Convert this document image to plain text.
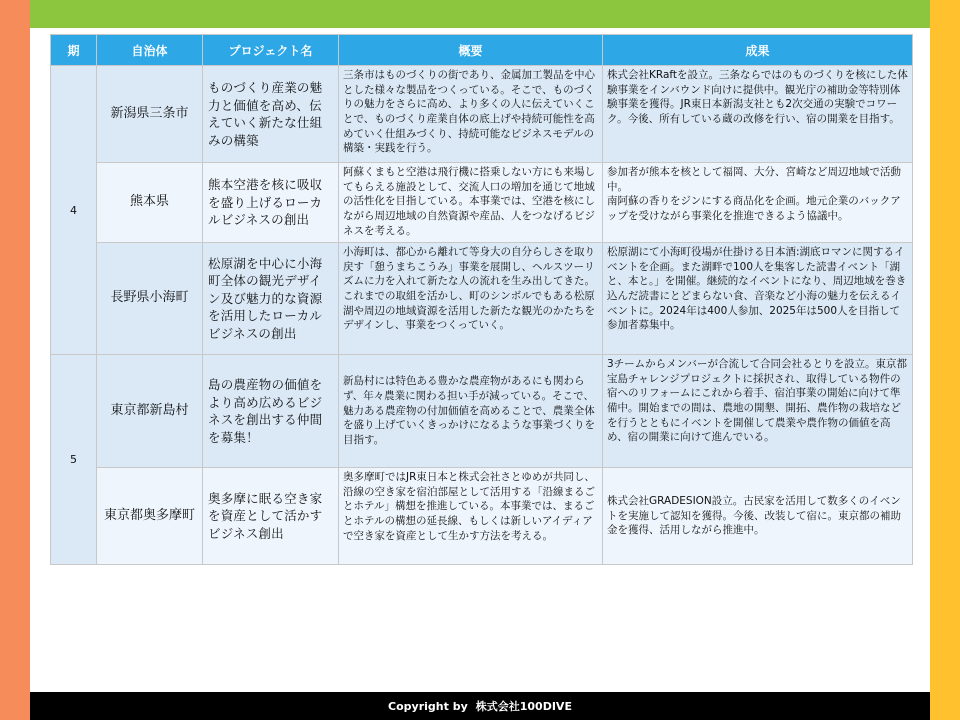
期	自治体	プロジェクト名	概要	成果
4	新潟県三条市	ものづくり産業の魅力と価値を高め、伝えていく新たな仕組みの構築	三条市はものづくりの街であり、金属加工製品を中心とした様々な製品をつくっている。そこで、ものづくりの魅力をさらに高め、より多くの人に伝えていくことで、ものづくり産業自体の底上げや持続可能性を高めていく仕組みづくり、持続可能なビジネスモデルの構築・実践を行う。	株式会社KRaftを設立。三条ならではのものづくりを核にした体験事業をインバウンド向けに提供中。観光庁の補助金等特別体験事業を獲得。JR東日本新潟支社とも2次交通の実験でコワーク。今後、所有している蔵の改修を行い、宿の開業を目指す。
	熊本県	熊本空港を核に吸収を盛り上げるローカルビジネスの創出	阿蘇くまもと空港は飛行機に搭乗しない方にも来場してもらえる施設として、交流人口の増加を通じて地域の活性化を目指している。本事業では、空港を核にしながら周辺地域の自然資源や産品、人をつなげるビジネスを考える。	参加者が熊本を核として福岡、大分、宮崎など周辺地域で活動中。
南阿蘇の香りをジンにする商品化を企画。地元企業のバックアップを受けながら事業化を推進できるよう協議中。

	長野県小海町	松原湖を中心に小海町全体の観光デザイン及び魅力的な資源を活用したローカルビジネスの創出	小海町は、都心から離れて等身大の自分らしさを取り戻す「憩うまちこうみ」事業を展開し、ヘルスツーリズムに力を入れて新たな人の流れを生み出してきた。これまでの取組を活かし、町のシンボルでもある松原湖や周辺の地域資源を活用した新たな観光のかたちをデザインし、事業をつくっていく。	松原湖にて小海町役場が仕掛ける日本酒:湖底ロマンに関するイベントを企画。また湖畔で100人を集客した読書イベント「湖と、本と。」を開催。継続的なイベントになり、周辺地域を巻き込んだ読書にとどまらない食、音楽など小海の魅力を伝えるイベントに。2024年は400人参加、2025年は500人を目指して参加者募集中。
5	東京都新島村	島の農産物の価値をより高め広めるビジネスを創出する仲間を募集！	新島村には特色ある豊かな農産物があるにも関わらず、年々農業に関わる担い手が減っている。そこで、魅力ある農産物の付加価値を高めることで、農業全体を盛り上げていくきっかけになるような事業づくりを目指す。	3チームからメンバーが合流して合同会社るとりを設立。東京都宝島チャレンジプロジェクトに採択され、取得している物件の宿へのリフォームにこれから着手、宿泊事業の開始に向けて準備中。開始までの間は、農地の開墾、開拓、農作物の栽培などを行うとともにイベントを開催して農業や農作物の価値を高め、宿の開業に向けて進んでいる。
	東京都奥多摩町	奥多摩に眠る空き家を資産として活かすビジネス創出	奥多摩町ではJR東日本と株式会社さとゆめが共同し、沿線の空き家を宿泊部屋として活用する「沿線まるごとホテル」構想を推進している。本事業では、まるごとホテルの構想の延長線、もしくは新しいアイディアで空き家を資産として生かす方法を考える。	株式会社GRADESION設立。古民家を活用して数多くのイベントを実施して認知を獲得。今後、改装して宿に。東京都の補助金を獲得、活用しながら推進中。
Copyright by 株式会社100DIVE
